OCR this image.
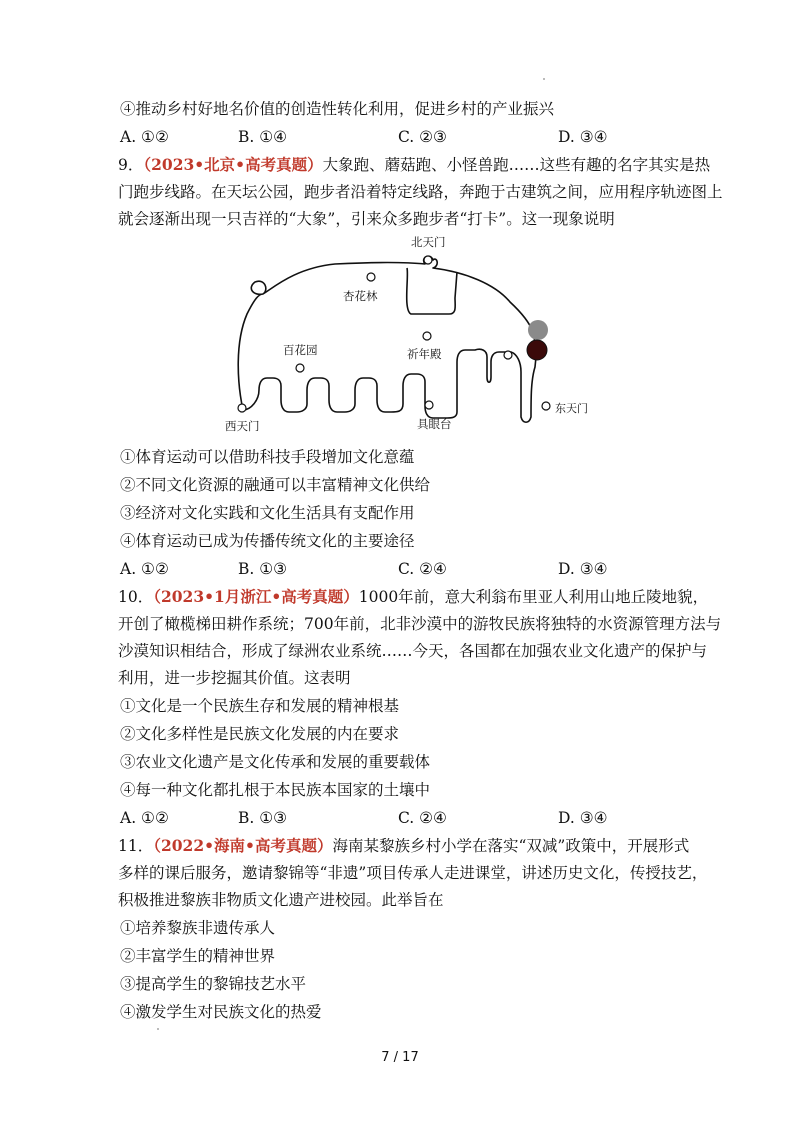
④推动乡村好地名价值的创造性转化利用，促进乡村的产业振兴
A. ①②	B. ①④	C. ②③	D. ③④
9．（2023•北京•高考真题）大象跑、蘑菇跑、小怪兽跑……这些有趣的名字其实是热
门跑步线路。在天坛公园，跑步者沿着特定线路，奔跑于古建筑之间，应用程序轨迹图上
就会逐渐出现一只吉祥的“大象”，引来众多跑步者“打卡”。这一现象说明
北天门
杏花林
祈年殿
百花园
西天门	具眼台
东天门
①体育运动可以借助科技手段增加文化意蕴
②不同文化资源的融通可以丰富精神文化供给
③经济对文化实践和文化生活具有支配作用
④体育运动已成为传播传统文化的主要途径
A. ①②	B. ①③	C. ②④	D. ③④
10．（2023•1月浙江•高考真题）1000年前，意大利翁布里亚人利用山地丘陵地貌，
开创了橄榄梯田耕作系统；700年前，北非沙漠中的游牧民族将独特的水资源管理方法与
沙漠知识相结合，形成了绿洲农业系统……今天，各国都在加强农业文化遗产的保护与
利用，进一步挖掘其价值。这表明
①文化是一个民族生存和发展的精神根基
②文化多样性是民族文化发展的内在要求
③农业文化遗产是文化传承和发展的重要载体
④每一种文化都扎根于本民族本国家的土壤中
A. ①②	B. ①③	C. ②④	D. ③④
11．（2022•海南•高考真题）海南某黎族乡村小学在落实“双减”政策中，开展形式
多样的课后服务，邀请黎锦等“非遗”项目传承人走进课堂，讲述历史文化，传授技艺，
积极推进黎族非物质文化遗产进校园。此举旨在
①培养黎族非遗传承人
②丰富学生的精神世界
③提高学生的黎锦技艺水平
④激发学生对民族文化的热爱
7 / 17
